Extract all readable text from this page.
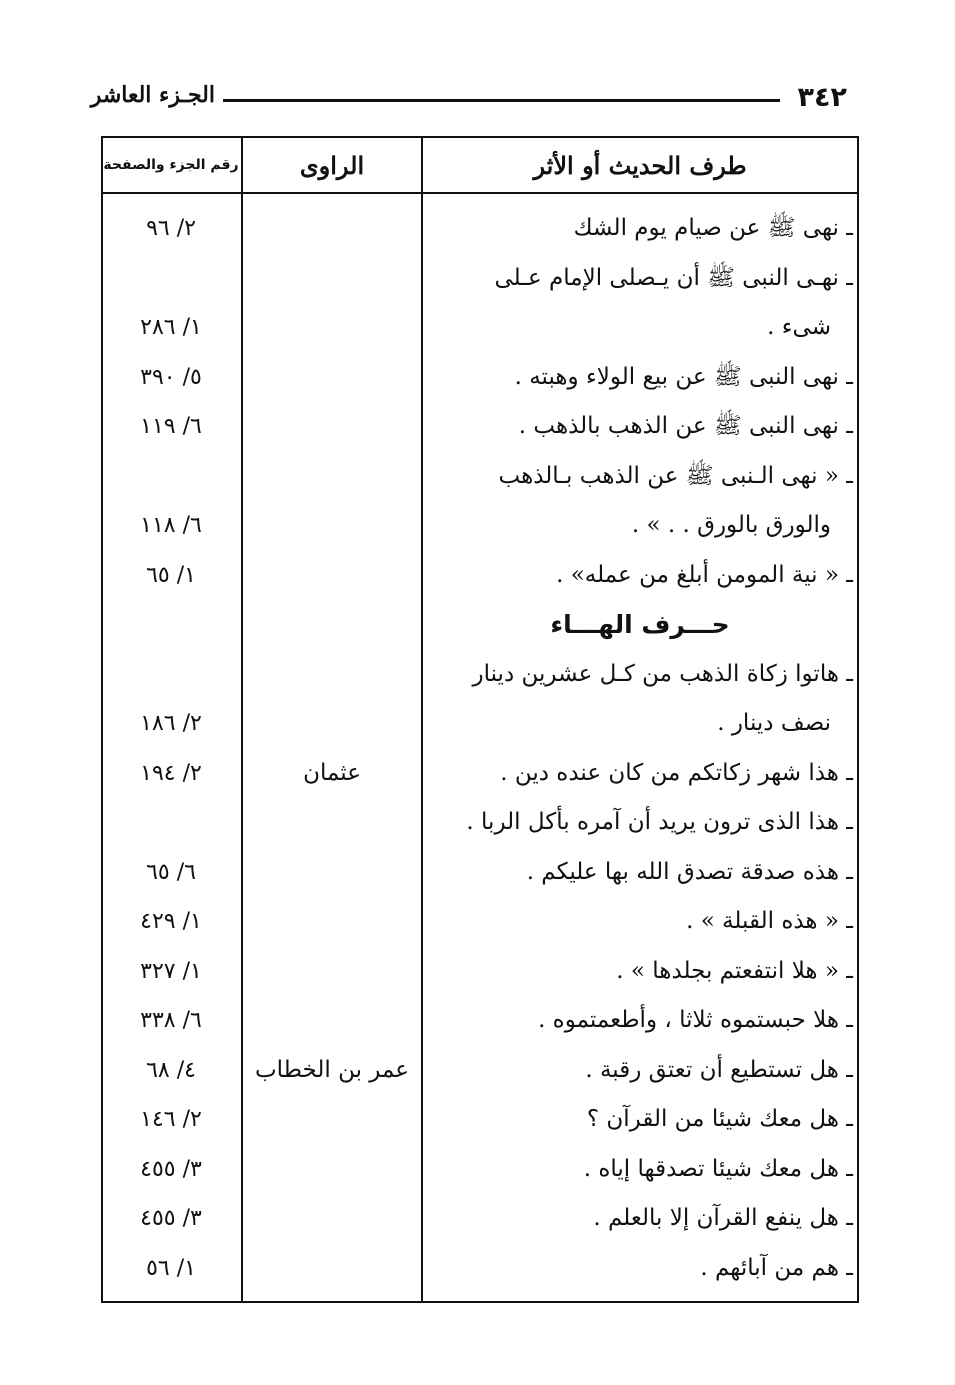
٣٤٢
الجـزء العاشر
طرف الحديث أو الأثر
الراوى
رقم الجزء والصفحة
ـ نهى ﷺ عن صيام يوم الشك
٢/ ٩٦
ـ نهـى النبى ﷺ أن يـصلى الإمام عـلى
شىء .
١/ ٢٨٦
ـ نهى النبى ﷺ عن بيع الولاء وهبته .
٥/ ٣٩٠
ـ نهى النبى ﷺ عن الذهب بالذهب .
٦/ ١١٩
ـ « نهى الـنبى ﷺ عن الذهب بـالذهب
والورق بالورق . . » .
٦/ ١١٨
ـ « نية المومن أبلغ من عمله» .
١/ ٦٥
حـــرف الهـــاء
ـ هاتوا زكاة الذهب من كـل عشرين دينار
نصف دينار .
٢/ ١٨٦
ـ هذا شهر زكاتكم من كان عنده دين .
عثمان
٢/ ١٩٤
ـ هذا الذى ترون يريد أن آمره بأكل الربا .
ـ هذه صدقة تصدق الله بها عليكم .
٦/ ٦٥
ـ « هذه القبلة » .
١/ ٤٢٩
ـ « هلا انتفعتم بجلدها » .
١/ ٣٢٧
ـ هلا حبستموه ثلاثا ، وأطعمتموه .
٦/ ٣٣٨
ـ هل تستطيع أن تعتق رقبة .
عمر بن الخطاب
٤/ ٦٨
ـ هل معك شيئا من القرآن ؟
٢/ ١٤٦
ـ هل معك شيئا تصدقها إياه .
٣/ ٤٥٥
ـ هل ينفع القرآن إلا بالعلم .
٣/ ٤٥٥
ـ هم من آبائهم .
١/ ٥٦
